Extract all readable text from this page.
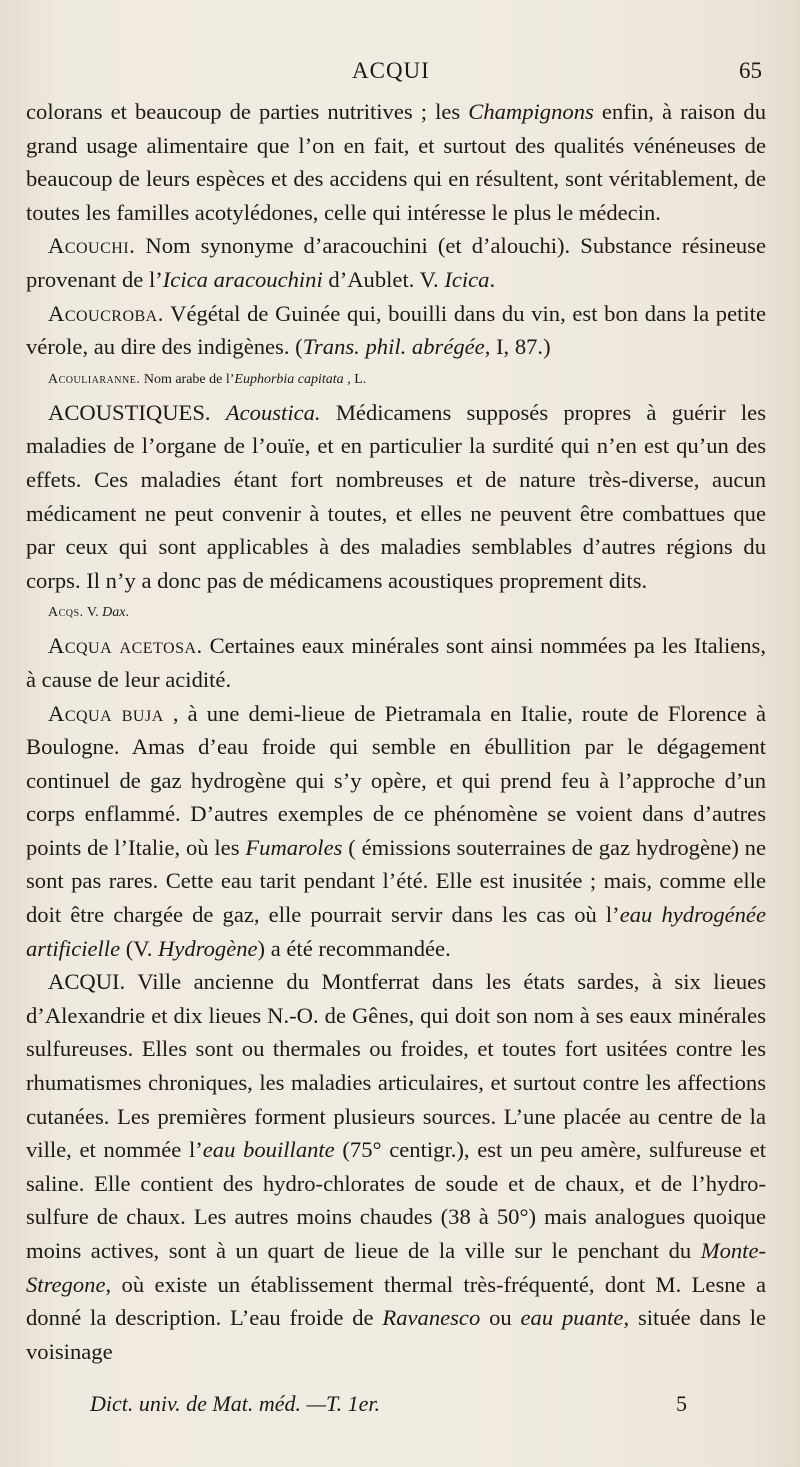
ACQUI	65

colorans et beaucoup de parties nutritives ; les Champignons enfin, à raison du grand usage alimentaire que l’on en fait, et surtout des qualités vénéneuses de beaucoup de leurs espèces et des accidens qui en résultent, sont véritablement, de toutes les familles acotylédones, celle qui intéresse le plus le médecin.

Acouchi. Nom synonyme d’aracouchini (et d’alouchi). Substance résineuse provenant de l’Icica aracouchini d’Aublet. V. Icica.

Acoucroba. Végétal de Guinée qui, bouilli dans du vin, est bon dans la petite vérole, au dire des indigènes. (Trans. phil. abrégée, I, 87.)

Acouliaranne. Nom arabe de l’Euphorbia capitata , L.

ACOUSTIQUES. Acoustica. Médicamens supposés propres à guérir les maladies de l’organe de l’ouïe, et en particulier la surdité qui n’en est qu’un des effets. Ces maladies étant fort nombreuses et de nature très-diverse, aucun médicament ne peut convenir à toutes, et elles ne peuvent être combattues que par ceux qui sont applicables à des maladies semblables d’autres régions du corps. Il n’y a donc pas de médicamens acoustiques proprement dits.

Acqs. V. Dax.

Acqua acetosa. Certaines eaux minérales sont ainsi nommées pa les Italiens, à cause de leur acidité.

Acqua buja , à une demi-lieue de Pietramala en Italie, route de Florence à Boulogne. Amas d’eau froide qui semble en ébullition par le dégagement continuel de gaz hydrogène qui s’y opère, et qui prend feu à l’approche d’un corps enflammé. D’autres exemples de ce phénomène se voient dans d’autres points de l’Italie, où les Fumaroles ( émissions souterraines de gaz hydrogène) ne sont pas rares. Cette eau tarit pendant l’été. Elle est inusitée ; mais, comme elle doit être chargée de gaz, elle pourrait servir dans les cas où l’eau hydrogénée artificielle (V. Hydrogène) a été recommandée.

ACQUI. Ville ancienne du Montferrat dans les états sardes, à six lieues d’Alexandrie et dix lieues N.-O. de Gênes, qui doit son nom à ses eaux minérales sulfureuses. Elles sont ou thermales ou froides, et toutes fort usitées contre les rhumatismes chroniques, les maladies articulaires, et surtout contre les affections cutanées. Les premières forment plusieurs sources. L’une placée au centre de la ville, et nommée l’eau bouillante (75° centigr.), est un peu amère, sulfureuse et saline. Elle contient des hydro-chlorates de soude et de chaux, et de l’hydro-sulfure de chaux. Les autres moins chaudes (38 à 50°) mais analogues quoique moins actives, sont à un quart de lieue de la ville sur le penchant du Monte-Stregone, où existe un établissement thermal très-fréquenté, dont M. Lesne a donné la description. L’eau froide de Ravanesco ou eau puante, située dans le voisinage

Dict. univ. de Mat. méd. —T. 1er.	5
